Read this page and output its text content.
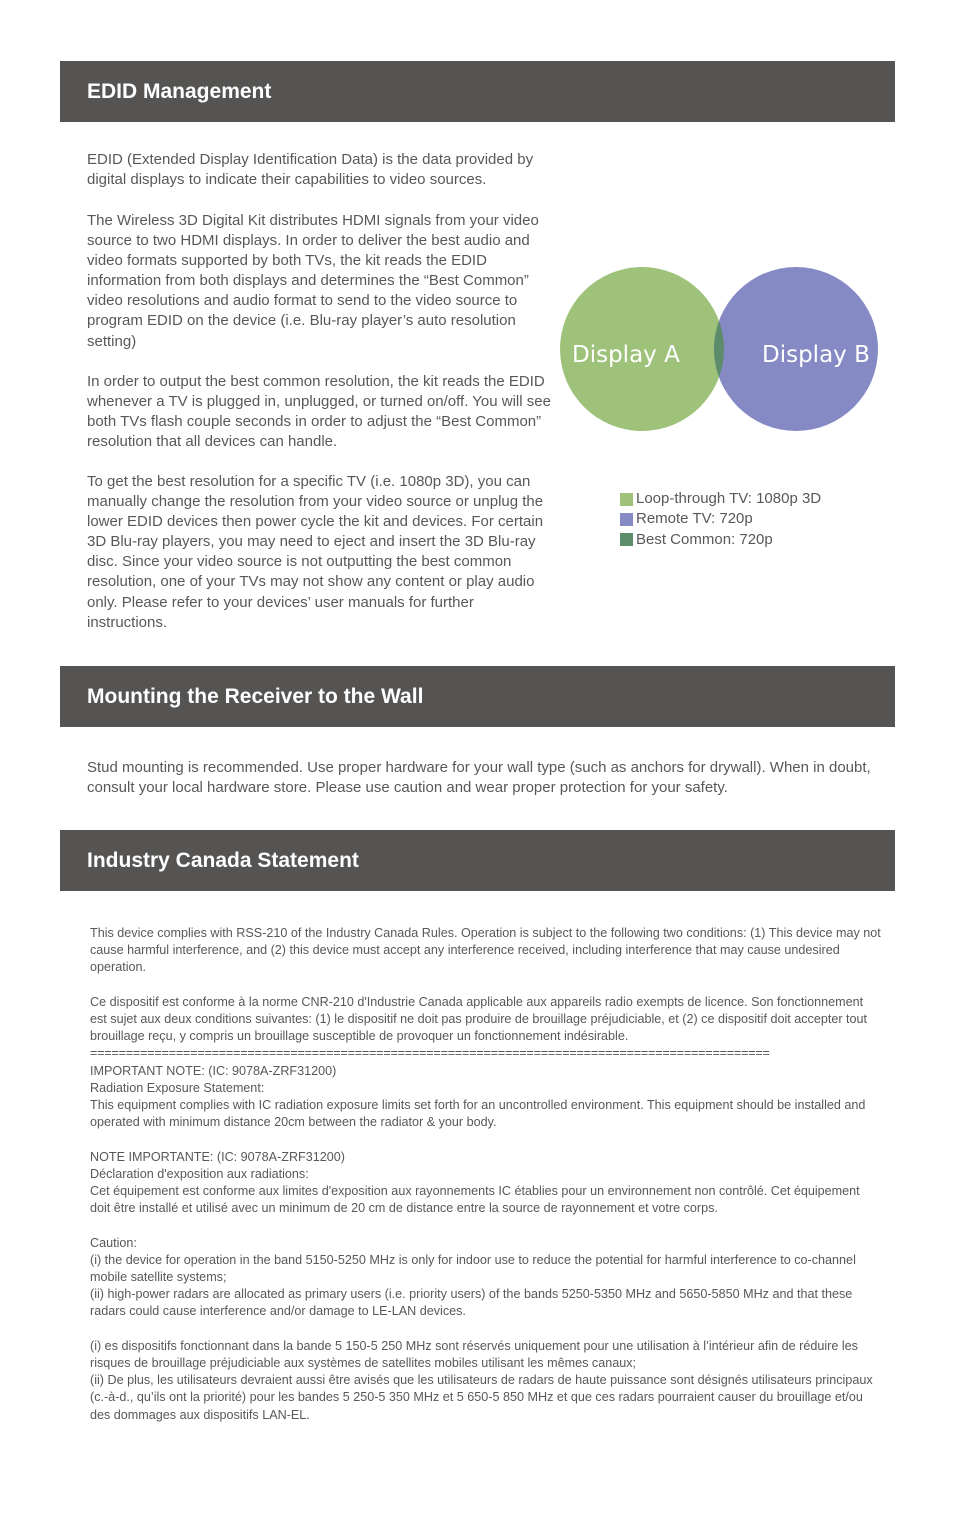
EDID Management

EDID (Extended Display Identification Data) is the data provided by digital displays to indicate their capabilities to video sources.

The Wireless 3D Digital Kit distributes HDMI signals from your video source to two HDMI displays. In order to deliver the best audio and video formats supported by both TVs, the kit reads the EDID information from both displays and determines the “Best Common” video resolutions and audio format to send to the video source to program EDID on the device (i.e. Blu-ray player’s auto resolution setting)

In order to output the best common resolution, the kit reads the EDID whenever a TV is plugged in, unplugged, or turned on/off. You will see both TVs flash couple seconds in order to adjust the “Best Common” resolution that all devices can handle.

To get the best resolution for a specific TV (i.e. 1080p 3D), you can manually change the resolution from your video source or unplug the lower EDID devices then power cycle the kit and devices. For certain 3D Blu-ray players, you may need to eject and insert the 3D Blu-ray disc. Since your video source is not outputting the best common resolution, one of your TVs may not show any content or play audio only. Please refer to your devices’ user manuals for further instructions.

Display A	Display B
Loop-through TV: 1080p 3D
Remote TV: 720p
Best Common: 720p
Mounting the Receiver to the Wall

Stud mounting is recommended. Use proper hardware for your wall type (such as anchors for drywall). When in doubt, consult your local hardware store. Please use caution and wear proper protection for your safety.

Industry Canada Statement

This device complies with RSS-210 of the Industry Canada Rules. Operation is subject to the following two conditions: (1) This device may not cause harmful interference, and (2) this device must accept any interference received, including interference that may cause undesired operation.

Ce dispositif est conforme à la norme CNR-210 d'Industrie Canada applicable aux appareils radio exempts de licence. Son fonctionnement est sujet aux deux conditions suivantes: (1) le dispositif ne doit pas produire de brouillage préjudiciable, et (2) ce dispositif doit accepter tout brouillage reçu, y compris un brouillage susceptible de provoquer un fonctionnement indésirable.

===============================================================================================

IMPORTANT NOTE: (IC: 9078A-ZRF31200)

Radiation Exposure Statement:

This equipment complies with IC radiation exposure limits set forth for an uncontrolled environment. This equipment should be installed and operated with minimum distance 20cm between the radiator & your body.

NOTE IMPORTANTE: (IC: 9078A-ZRF31200)

Déclaration d'exposition aux radiations:

Cet équipement est conforme aux limites d'exposition aux rayonnements IC établies pour un environnement non contrôlé. Cet équipement doit être installé et utilisé avec un minimum de 20 cm de distance entre la source de rayonnement et votre corps.

Caution:

(i) the device for operation in the band 5150-5250 MHz is only for indoor use to reduce the potential for harmful interference to co-channel mobile satellite systems;

(ii) high-power radars are allocated as primary users (i.e. priority users) of the bands 5250-5350 MHz and 5650-5850 MHz and that these radars could cause interference and/or damage to LE-LAN devices.

(i) es dispositifs fonctionnant dans la bande 5 150-5 250 MHz sont réservés uniquement pour une utilisation à l’intérieur afin de réduire les risques de brouillage préjudiciable aux systèmes de satellites mobiles utilisant les mêmes canaux;

(ii) De plus, les utilisateurs devraient aussi être avisés que les utilisateurs de radars de haute puissance sont désignés utilisateurs principaux (c.-à-d., qu’ils ont la priorité) pour les bandes 5 250-5 350 MHz et 5 650-5 850 MHz et que ces radars pourraient causer du brouillage et/ou des dommages aux dispositifs LAN-EL.
